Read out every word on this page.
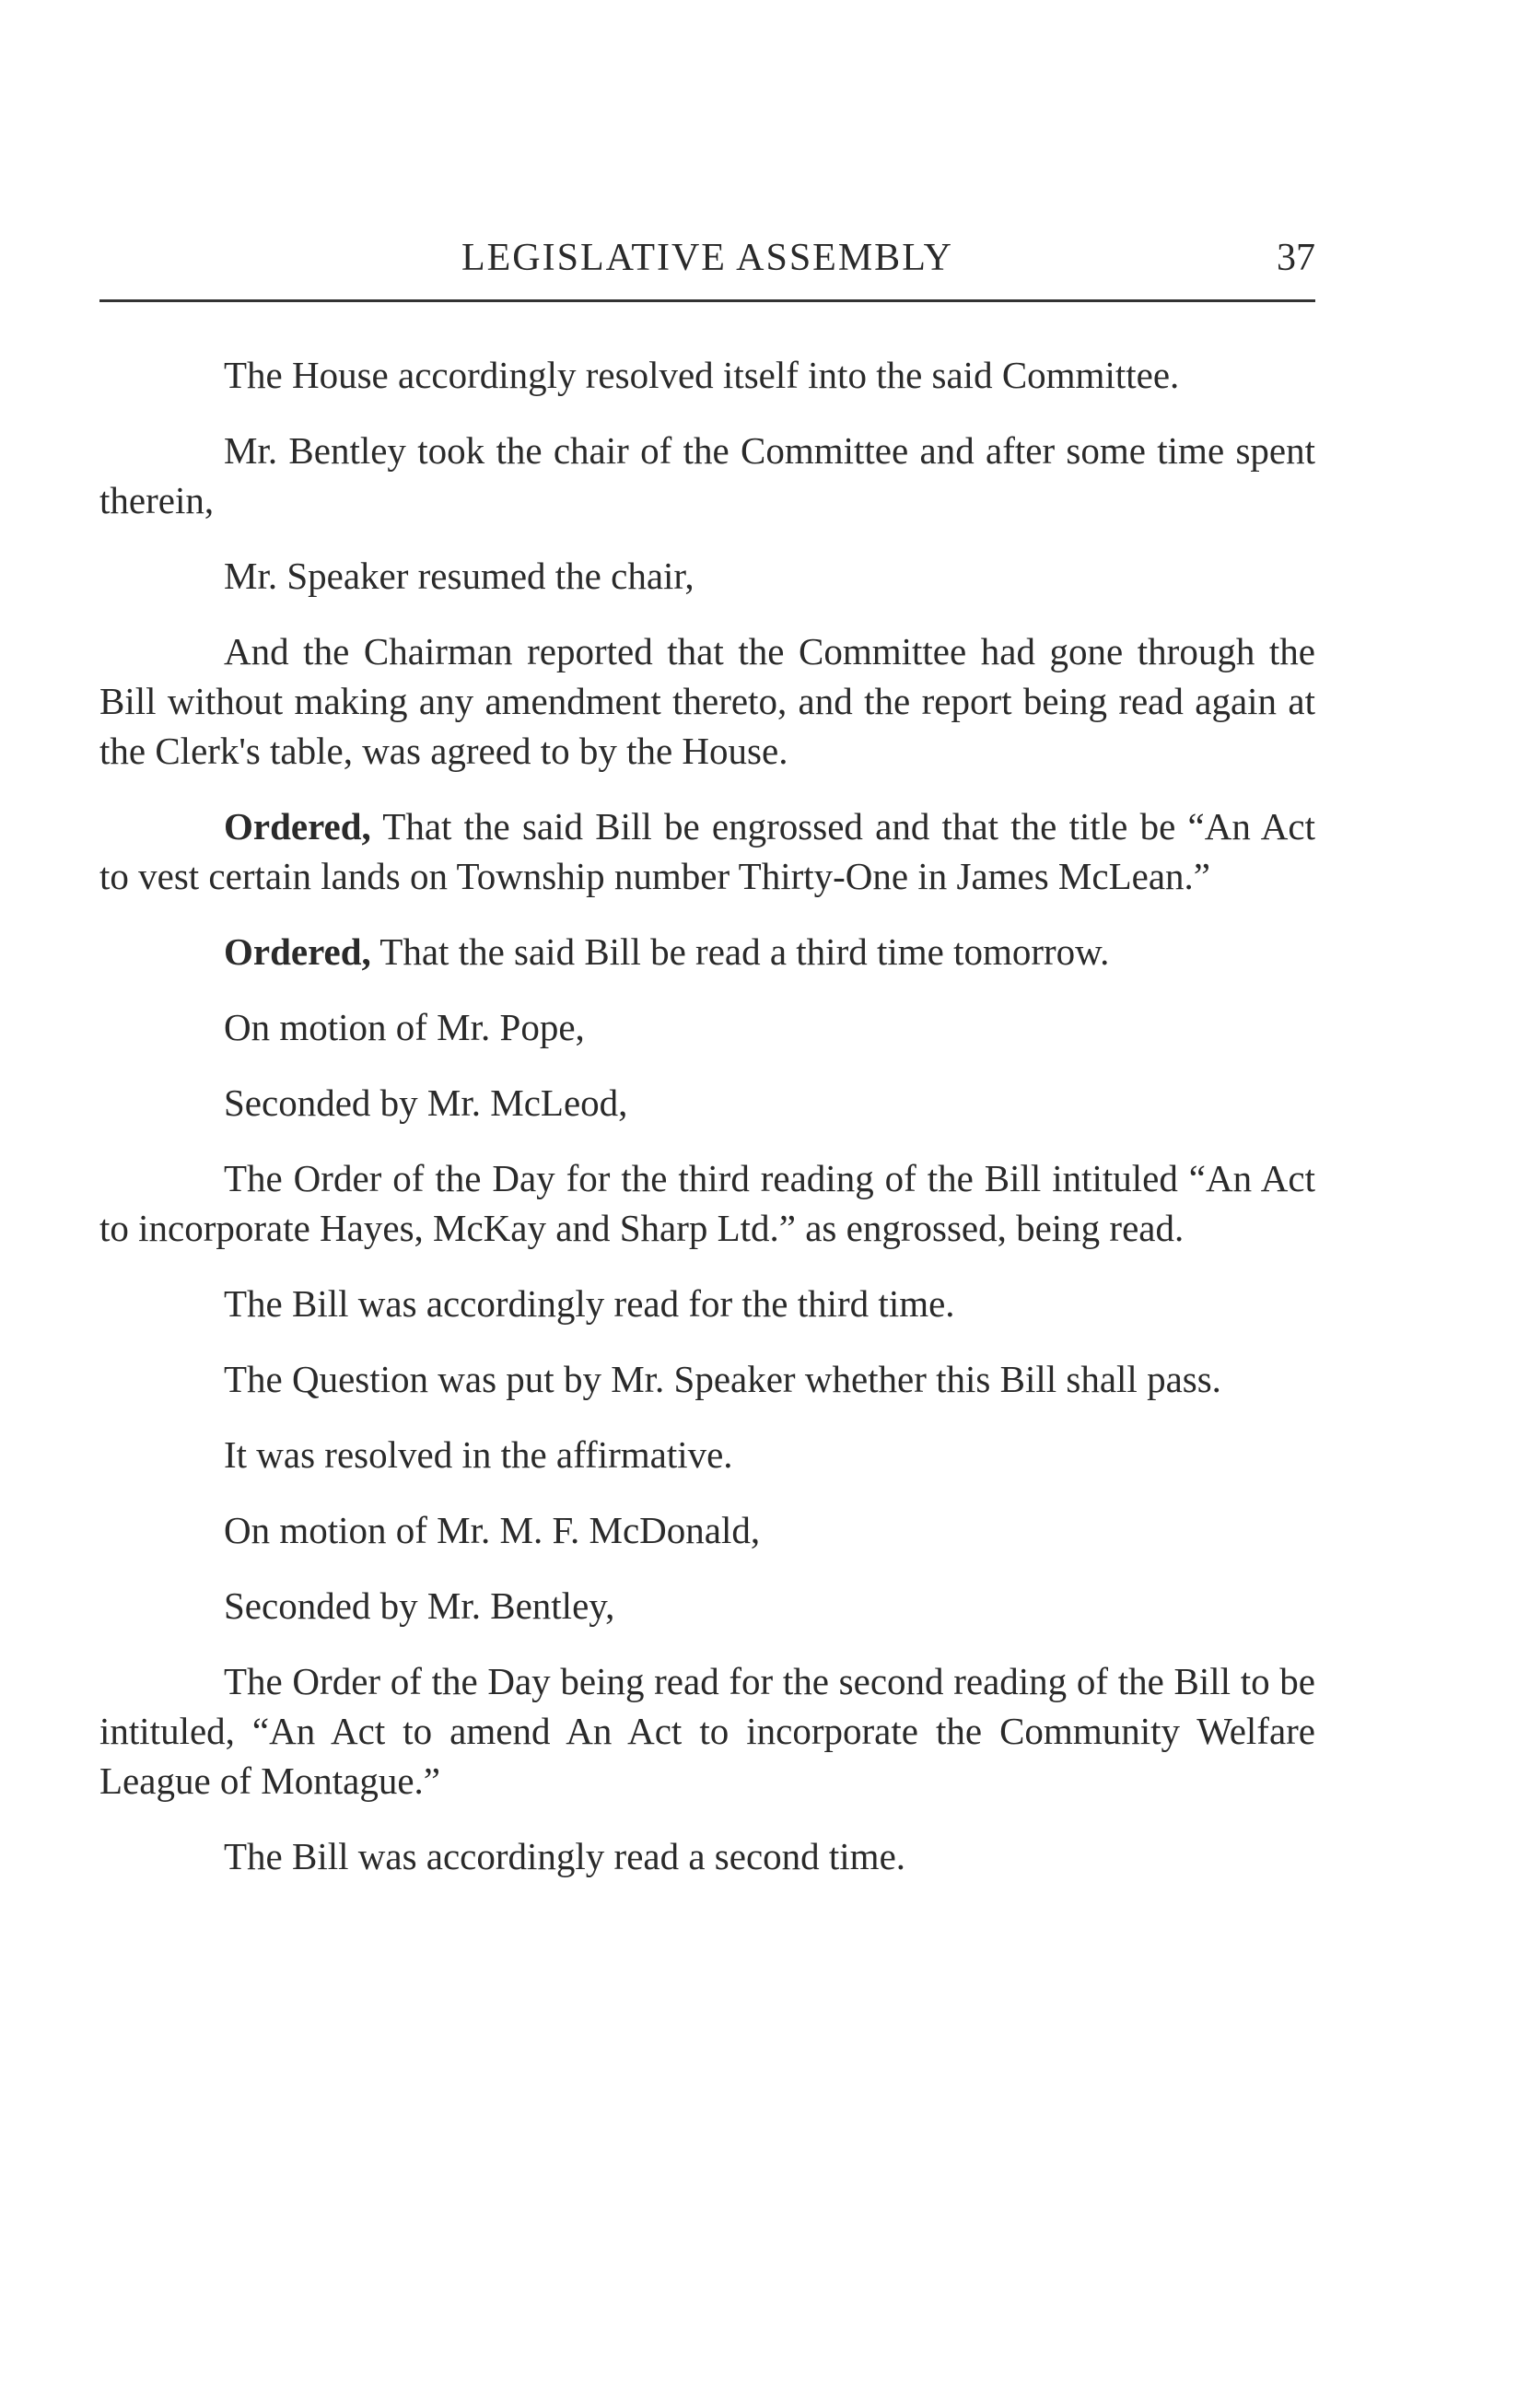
LEGISLATIVE ASSEMBLY	37

The House accordingly resolved itself into the said Committee.

Mr. Bentley took the chair of the Committee and after some time spent therein,

Mr. Speaker resumed the chair,

And the Chairman reported that the Committee had gone through the Bill without making any amendment thereto, and the report being read again at the Clerk's table, was agreed to by the House.

Ordered, That the said Bill be engrossed and that the title be “An Act to vest certain lands on Township number Thirty-One in James McLean.”

Ordered, That the said Bill be read a third time tomorrow.

On motion of Mr. Pope,

Seconded by Mr. McLeod,

The Order of the Day for the third reading of the Bill intituled “An Act to incorporate Hayes, McKay and Sharp Ltd.” as engrossed, being read.

The Bill was accordingly read for the third time.

The Question was put by Mr. Speaker whether this Bill shall pass.

It was resolved in the affirmative.

On motion of Mr. M. F. McDonald,

Seconded by Mr. Bentley,

The Order of the Day being read for the second reading of the Bill to be intituled, “An Act to amend An Act to incorporate the Community Welfare League of Montague.”

The Bill was accordingly read a second time.
